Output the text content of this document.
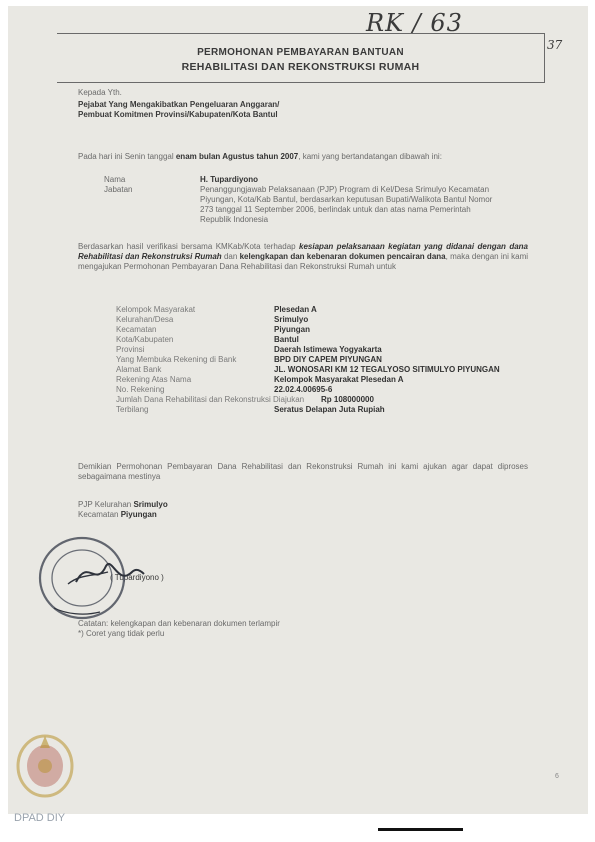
RK / 63
37
PERMOHONAN PEMBAYARAN BANTUAN
REHABILITASI DAN REKONSTRUKSI RUMAH
Kepada Yth.
Pejabat Yang Mengakibatkan Pengeluaran Anggaran/
Pembuat Komitmen Provinsi/Kabupaten/Kota Bantul
Pada hari ini Senin tanggal enam bulan Agustus tahun 2007, kami yang bertandatangan dibawah ini:
Nama	H. Tupardiyono
Jabatan	Penanggungjawab Pelaksanaan (PJP) Program di Kel/Desa Srimulyo Kecamatan
Piyungan, Kota/Kab Bantul, berdasarkan keputusan Bupati/Walikota Bantul Nomor
273 tanggal 11 September 2006, berlindak untuk dan atas nama Pemerintah
Republik Indonesia
Berdasarkan hasil verifikasi bersama KMKab/Kota terhadap kesiapan pelaksanaan kegiatan yang didanai dengan dana Rehabilitasi dan Rekonstruksi Rumah dan kelengkapan dan kebenaran dokumen pencairan dana, maka dengan ini kami mengajukan Permohonan Pembayaran Dana Rehabilitasi dan Rekonstruksi Rumah untuk
Kelompok Masyarakat	Plesedan A
Kelurahan/Desa	Srimulyo
Kecamatan	Piyungan
Kota/Kabupaten	Bantul
Provinsi	Daerah Istimewa Yogyakarta
Yang Membuka Rekening di Bank	BPD DIY CAPEM PIYUNGAN
Alamat Bank	JL. WONOSARI KM 12 TEGALYOSO SITIMULYO PIYUNGAN
Rekening Atas Nama	Kelompok Masyarakat Plesedan A
No. Rekening	22.02.4.00695-6
Jumlah Dana Rehabilitasi dan Rekonstruksi Diajukan Rp 108000000
Terbilang	Seratus Delapan Juta Rupiah
Demikian Permohonan Pembayaran Dana Rehabilitasi dan Rekonstruksi Rumah ini kami ajukan agar dapat diproses sebagaimana mestinya
PJP Kelurahan Srimulyo
Kecamatan Piyungan
( Tupardiyono )
Catatan: kelengkapan dan kebenaran dokumen terlampir
*) Coret yang tidak perlu
6
DPAD DIY
